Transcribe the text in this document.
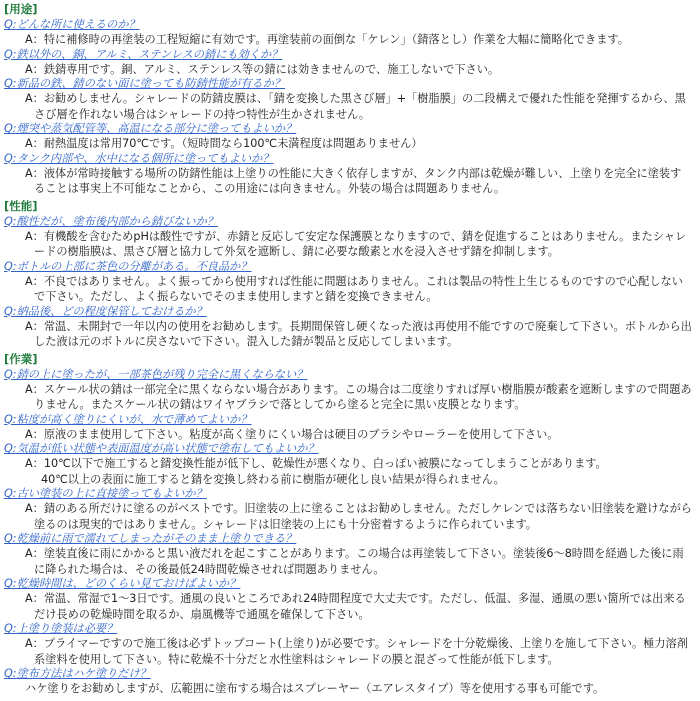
[用途]
Q:どんな所に使えるのか？
A：特に補修時の再塗装の工程短縮に有効です。再塗装前の面倒な「ケレン」（錆落とし）作業を大幅に簡略化できます。
Q:鉄以外の、銅、アルミ、ステンレスの錆にも効くか？
A：鉄錆専用です。銅、アルミ、ステンレス等の錆には効きませんので、施工しないで下さい。
Q:新品の鉄、錆のない面に塗っても防錆性能が有るか？
A：お勧めしません。シャレードの防錆皮膜は、「錆を変換した黒さび層」+「樹脂膜」の二段構えで優れた性能を発揮するから、黒さび層を作れない場合はシャレードの持つ特性が生かされません。
Q:煙突や蒸気配管等、高温になる部分に塗ってもよいか？
A：耐熱温度は常用70℃です。（短時間なら100℃未満程度は問題ありません）
Q:タンク内部や、水中になる個所に塗ってもよいか？
A：液体が常時接触する場所の防錆性能は上塗りの性能に大きく依存しますが、タンク内部は乾燥が難しい、上塗りを完全に塗装することは事実上不可能なことから、この用途には向きません。外装の場合は問題ありません。
[性能]
Q:酸性だが、塗布後内部から錆びないか？
A：有機酸を含むためpHは酸性ですが、赤錆と反応して安定な保護膜となりますので、錆を促進することはありません。またシャレードの樹脂膜は、黒さび層と協力して外気を遮断し、錆に必要な酸素と水を浸入させず錆を抑制します。
Q:ボトルの上部に茶色の分離がある。不良品か？
A：不良ではありません。よく振ってから使用すれば性能に問題はありません。これは製品の特性上生じるものですので心配しないで下さい。ただし、よく振らないでそのまま使用しますと錆を変換できません。
Q:納品後、どの程度保管しておけるか？
A：常温、未開封で一年以内の使用をお勧めします。長期間保管し硬くなった液は再使用不能ですので廃棄して下さい。ボトルから出した液は元のボトルに戻さないで下さい。混入した錆が製品と反応してしまいます。
[作業]
Q:錆の上に塗ったが、一部茶色が残り完全に黒くならない？
A：スケール状の錆は一部完全に黒くならない場合があります。この場合は二度塗りすれば厚い樹脂膜が酸素を遮断しますので問題ありません。またスケール状の錆はワイヤブラシで落としてから塗ると完全に黒い皮膜となります。
Q:粘度が高く塗りにくいが、水で薄めてよいか？
A：原液のまま使用して下さい。粘度が高く塗りにくい場合は硬目のブラシやローラーを使用して下さい。
Q:気温が低い状態や表面温度が高い状態で塗布してもよいか？
A：10℃以下で施工すると錆変換性能が低下し、乾燥性が悪くなり、白っぽい被膜になってしまうことがあります。
40℃以上の表面に施工すると錆を変換し終わる前に樹脂が硬化し良い結果が得られません。
Q:古い塗装の上に直接塗ってもよいか？
A：錆のある所だけに塗るのがベストです。旧塗装の上に塗ることはお勧めしません。ただしケレンでは落ちない旧塗装を避けながら塗るのは現実的ではありません。シャレードは旧塗装の上にも十分密着するように作られています。
Q:乾燥前に雨で濡れてしまったがそのまま上塗りできる？
A：塗装直後に雨にかかると黒い液だれを起こすことがあります。この場合は再塗装して下さい。塗装後6〜8時間を経過した後に雨に降られた場合は、その後最低24時間乾燥させれば問題ありません。
Q:乾燥時間は、どのくらい見ておけばよいか？
A：常温、常湿で1〜3日です。通風の良いところであれ24時間程度で大丈夫です。ただし、低温、多湿、通風の悪い箇所では出来るだけ長めの乾燥時間を取るか、扇風機等で通風を確保して下さい。
Q:上塗り塗装は必要？
A：プライマーですので施工後は必ずトップコート(上塗り)が必要です。シャレードを十分乾燥後、上塗りを施して下さい。極力溶剤系塗料を使用して下さい。特に乾燥不十分だと水性塗料はシャレードの膜と混ざって性能が低下します。
Q:塗布方法はハケ塗りだけ？
ハケ塗りをお勧めしますが、広範囲に塗布する場合はスプレーヤー（エアレスタイプ）等を使用する事も可能です。
